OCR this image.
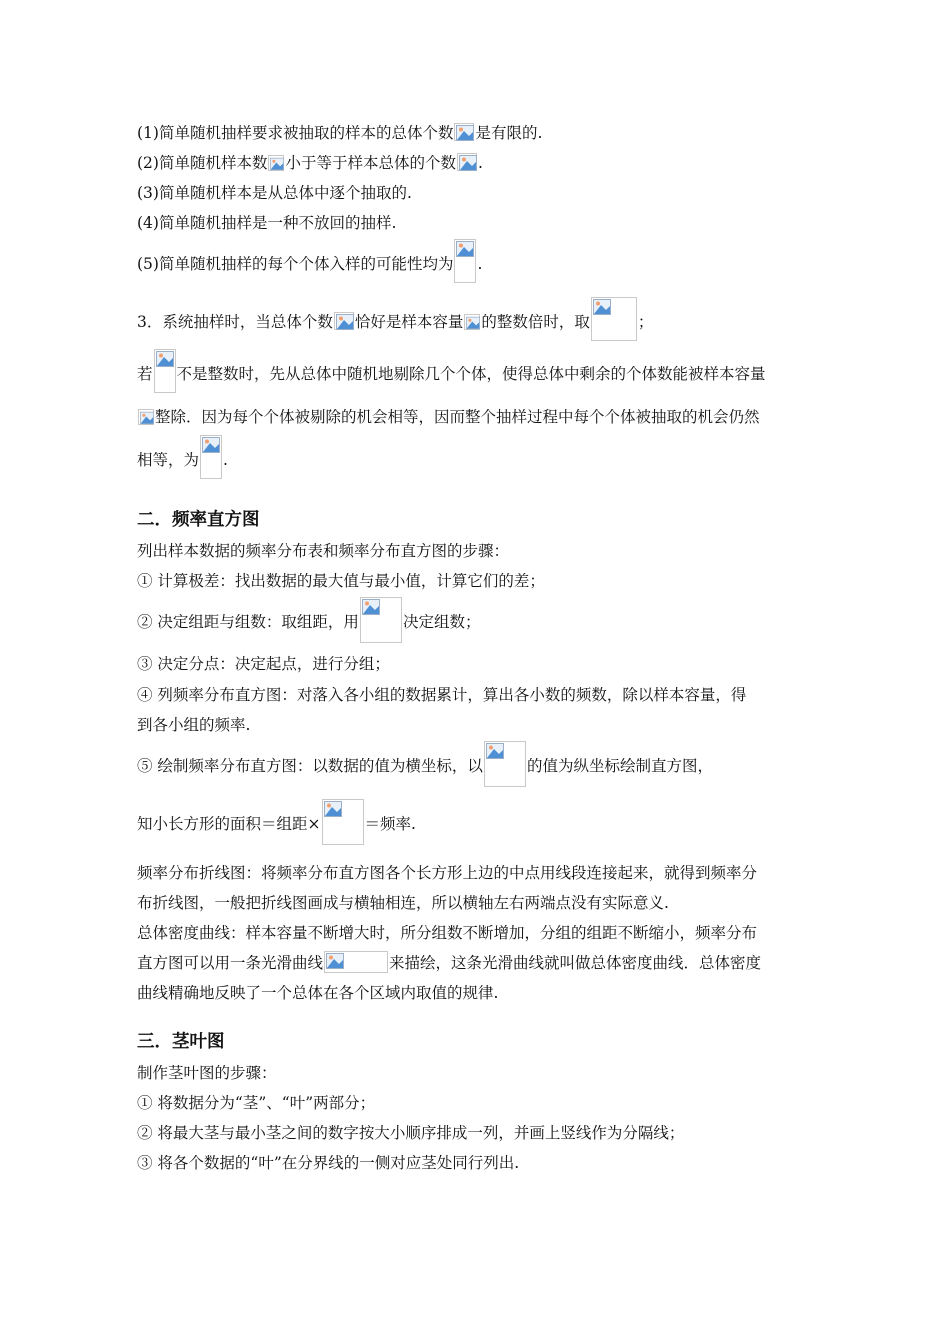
(1)简单随机抽样要求被抽取的样本的总体个数 是有限的.
(2)简单随机样本数 小于等于样本总体的个数 .
(3)简单随机样本是从总体中逐个抽取的.
(4)简单随机抽样是一种不放回的抽样.
(5)简单随机抽样的每个个体入样的可能性均为 .
3．系统抽样时，当总体个数 恰好是样本容量 的整数倍时，取	；
若 不是整数时，先从总体中随机地剔除几个个体，使得总体中剩余的个体数能被样本容量
整除．因为每个个体被剔除的机会相等，因而整个抽样过程中每个个体被抽取的机会仍然
相等，为 .
二．频率直方图
列出样本数据的频率分布表和频率分布直方图的步骤：
① 计算极差：找出数据的最大值与最小值，计算它们的差；
② 决定组距与组数：取组距，用	决定组数；
③ 决定分点：决定起点，进行分组；
④ 列频率分布直方图：对落入各小组的数据累计，算出各小数的频数，除以样本容量，得
到各小组的频率.
⑤ 绘制频率分布直方图：以数据的值为横坐标，以	的值为纵坐标绘制直方图，
知小长方形的面积＝组距×	＝频率.
频率分布折线图：将频率分布直方图各个长方形上边的中点用线段连接起来，就得到频率分
布折线图，一般把折线图画成与横轴相连，所以横轴左右两端点没有实际意义.
总体密度曲线：样本容量不断增大时，所分组数不断增加，分组的组距不断缩小，频率分布
直方图可以用一条光滑曲线	来描绘，这条光滑曲线就叫做总体密度曲线．总体密度
曲线精确地反映了一个总体在各个区域内取值的规律.
三．茎叶图
制作茎叶图的步骤：
① 将数据分为“茎”、“叶”两部分；
② 将最大茎与最小茎之间的数字按大小顺序排成一列，并画上竖线作为分隔线；
③ 将各个数据的“叶”在分界线的一侧对应茎处同行列出.
